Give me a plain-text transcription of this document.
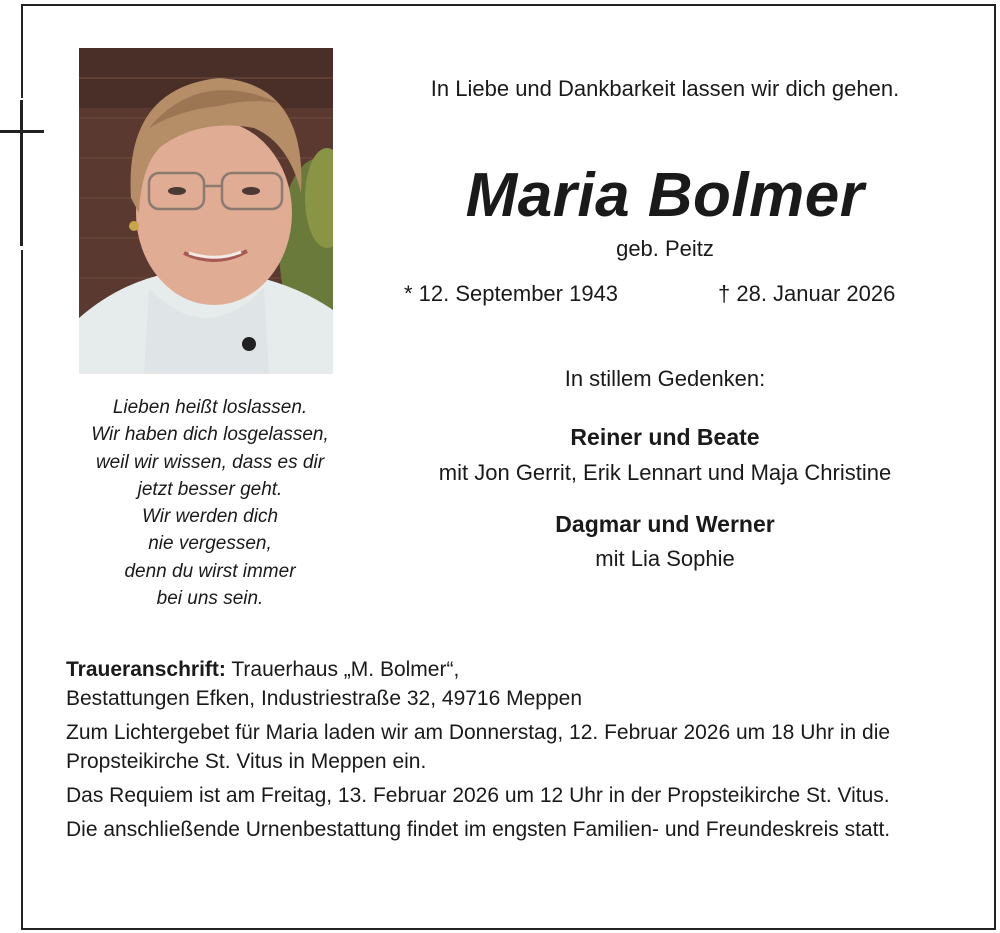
Lieben heißt loslassen.
Wir haben dich losgelassen,
weil wir wissen, dass es dir
jetzt besser geht.
Wir werden dich
nie vergessen,
denn du wirst immer
bei uns sein.
In Liebe und Dankbarkeit lassen wir dich gehen.
Maria Bolmer
geb. Peitz
* 12. September 1943	† 28. Januar 2026
In stillem Gedenken:
Reiner und Beate
mit Jon Gerrit, Erik Lennart und Maja Christine
Dagmar und Werner
mit Lia Sophie

Traueranschrift: Trauerhaus „M. Bolmer“,
Bestattungen Efken, Industriestraße 32, 49716 Meppen

Zum Lichtergebet für Maria laden wir am Donnerstag, 12. Februar 2026 um 18 Uhr in die Propsteikirche St. Vitus in Meppen ein.

Das Requiem ist am Freitag, 13. Februar 2026 um 12 Uhr in der Propsteikirche St. Vitus.

Die anschließende Urnenbestattung findet im engsten Familien- und Freundeskreis statt.
